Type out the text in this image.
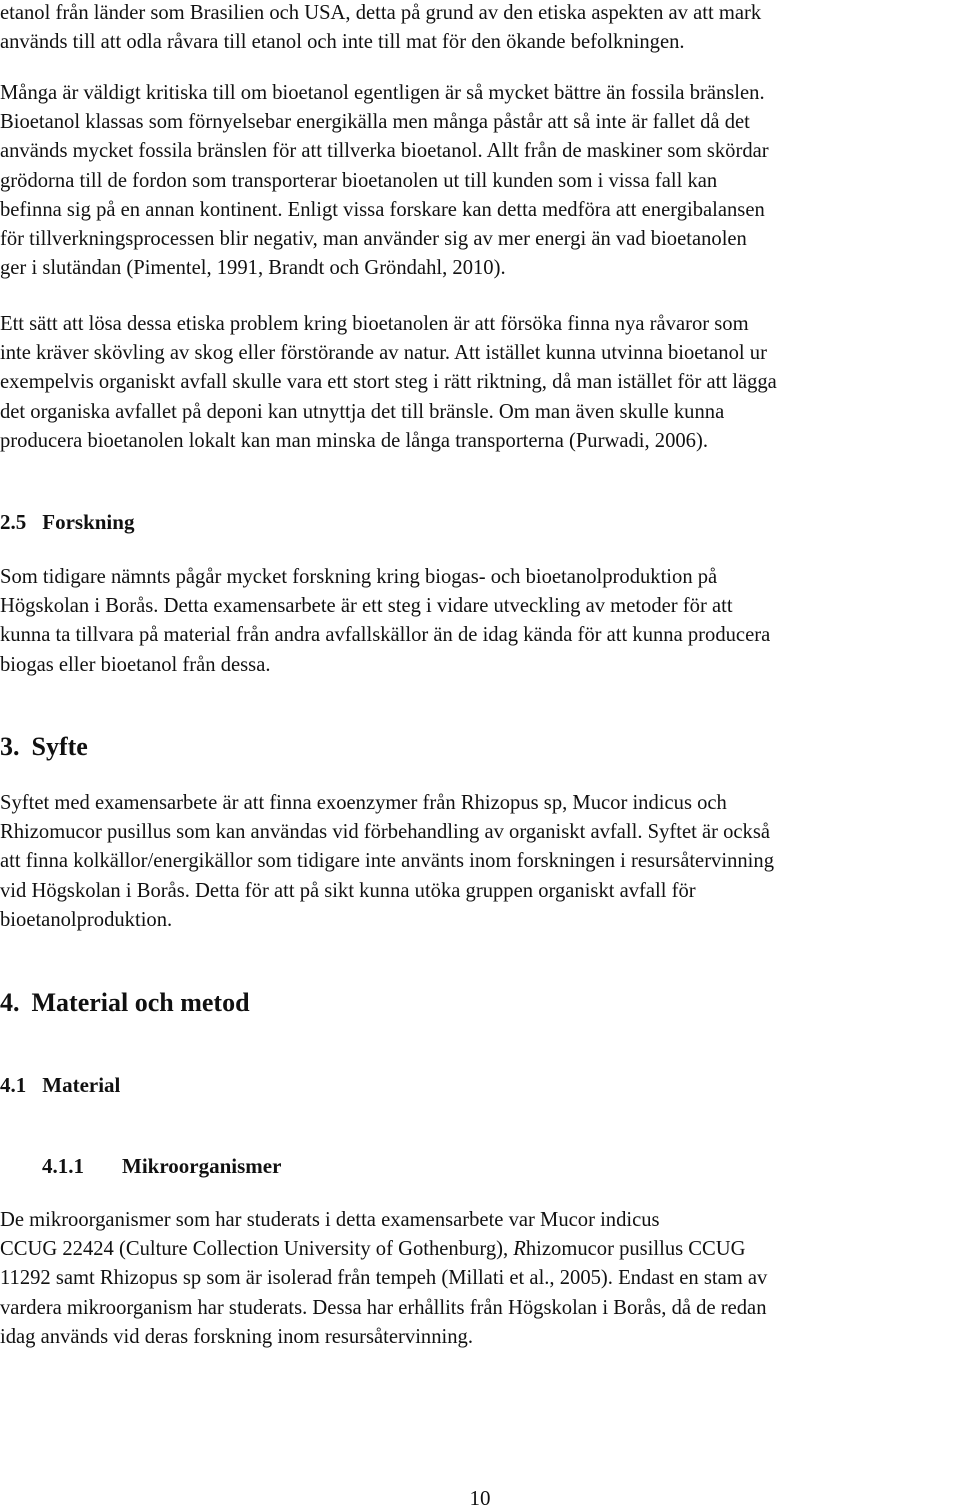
etanol från länder som Brasilien och USA, detta på grund av den etiska aspekten av att mark
används till att odla råvara till etanol och inte till mat för den ökande befolkningen.
Många är väldigt kritiska till om bioetanol egentligen är så mycket bättre än fossila bränslen.
Bioetanol klassas som förnyelsebar energikälla men många påstår att så inte är fallet då det
används mycket fossila bränslen för att tillverka bioetanol. Allt från de maskiner som skördar
grödorna till de fordon som transporterar bioetanolen ut till kunden som i vissa fall kan
befinna sig på en annan kontinent. Enligt vissa forskare kan detta medföra att energibalansen
för tillverkningsprocessen blir negativ, man använder sig av mer energi än vad bioetanolen
ger i slutändan (Pimentel, 1991, Brandt och Gröndahl, 2010).
Ett sätt att lösa dessa etiska problem kring bioetanolen är att försöka finna nya råvaror som
inte kräver skövling av skog eller förstörande av natur. Att istället kunna utvinna bioetanol ur
exempelvis organiskt avfall skulle vara ett stort steg i rätt riktning, då man istället för att lägga
det organiska avfallet på deponi kan utnyttja det till bränsle. Om man även skulle kunna
producera bioetanolen lokalt kan man minska de långa transporterna (Purwadi, 2006).
2.5 Forskning
Som tidigare nämnts pågår mycket forskning kring biogas- och bioetanolproduktion på
Högskolan i Borås. Detta examensarbete är ett steg i vidare utveckling av metoder för att
kunna ta tillvara på material från andra avfallskällor än de idag kända för att kunna producera
biogas eller bioetanol från dessa.
3. Syfte
Syftet med examensarbete är att finna exoenzymer från Rhizopus sp, Mucor indicus och
Rhizomucor pusillus som kan användas vid förbehandling av organiskt avfall. Syftet är också
att finna kolkällor/energikällor som tidigare inte använts inom forskningen i resursåtervinning
vid Högskolan i Borås. Detta för att på sikt kunna utöka gruppen organiskt avfall för
bioetanolproduktion.
4. Material och metod
4.1 Material
4.1.1 Mikroorganismer
De mikroorganismer som har studerats i detta examensarbete var Mucor indicus
CCUG 22424 (Culture Collection University of Gothenburg), Rhizomucor pusillus CCUG
11292 samt Rhizopus sp som är isolerad från tempeh (Millati et al., 2005). Endast en stam av
vardera mikroorganism har studerats. Dessa har erhållits från Högskolan i Borås, då de redan
idag används vid deras forskning inom resursåtervinning.
10
